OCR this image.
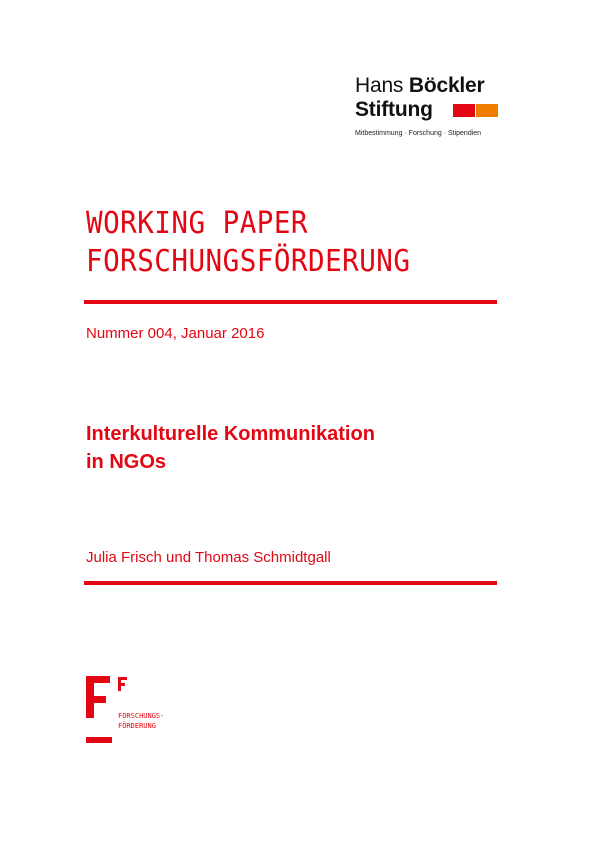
Hans Böckler
Stiftung
Mitbestimmung · Forschung · Stipendien
WORKING PAPER
FORSCHUNGSFÖRDERUNG
Nummer 004, Januar 2016
Interkulturelle Kommunikation
in NGOs
Julia Frisch und Thomas Schmidtgall
FORSCHUNGS-
FÖRDERUNG
